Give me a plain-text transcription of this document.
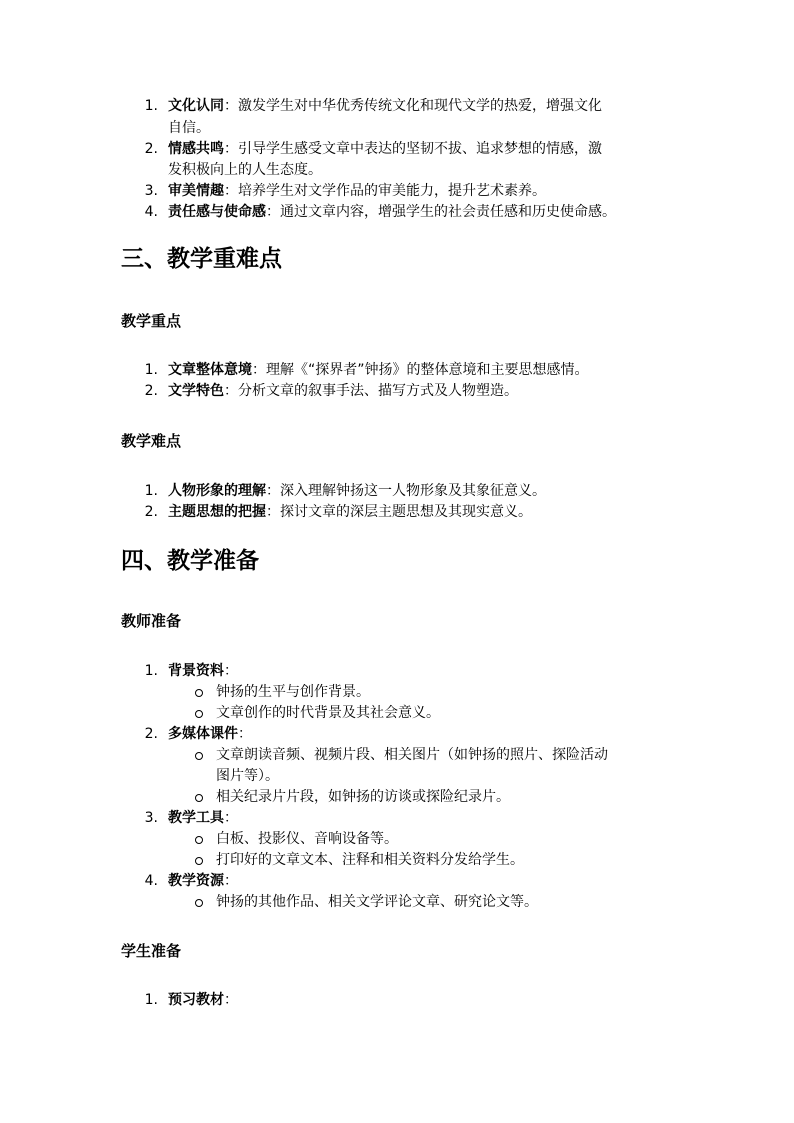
1. 文化认同：激发学生对中华优秀传统文化和现代文学的热爱，增强文化
自信。
2. 情感共鸣：引导学生感受文章中表达的坚韧不拔、追求梦想的情感，激
发积极向上的人生态度。
3. 审美情趣：培养学生对文学作品的审美能力，提升艺术素养。
4. 责任感与使命感：通过文章内容，增强学生的社会责任感和历史使命感。
三、教学重难点
教学重点
1. 文章整体意境：理解《“探界者”钟扬》的整体意境和主要思想感情。
2. 文学特色：分析文章的叙事手法、描写方式及人物塑造。
教学难点
1. 人物形象的理解：深入理解钟扬这一人物形象及其象征意义。
2. 主题思想的把握：探讨文章的深层主题思想及其现实意义。
四、教学准备
教师准备
1. 背景资料：
钟扬的生平与创作背景。
文章创作的时代背景及其社会意义。
2. 多媒体课件：
文章朗读音频、视频片段、相关图片（如钟扬的照片、探险活动
图片等）。
相关纪录片片段，如钟扬的访谈或探险纪录片。
3. 教学工具：
白板、投影仪、音响设备等。
打印好的文章文本、注释和相关资料分发给学生。
4. 教学资源：
钟扬的其他作品、相关文学评论文章、研究论文等。
学生准备
1. 预习教材：
